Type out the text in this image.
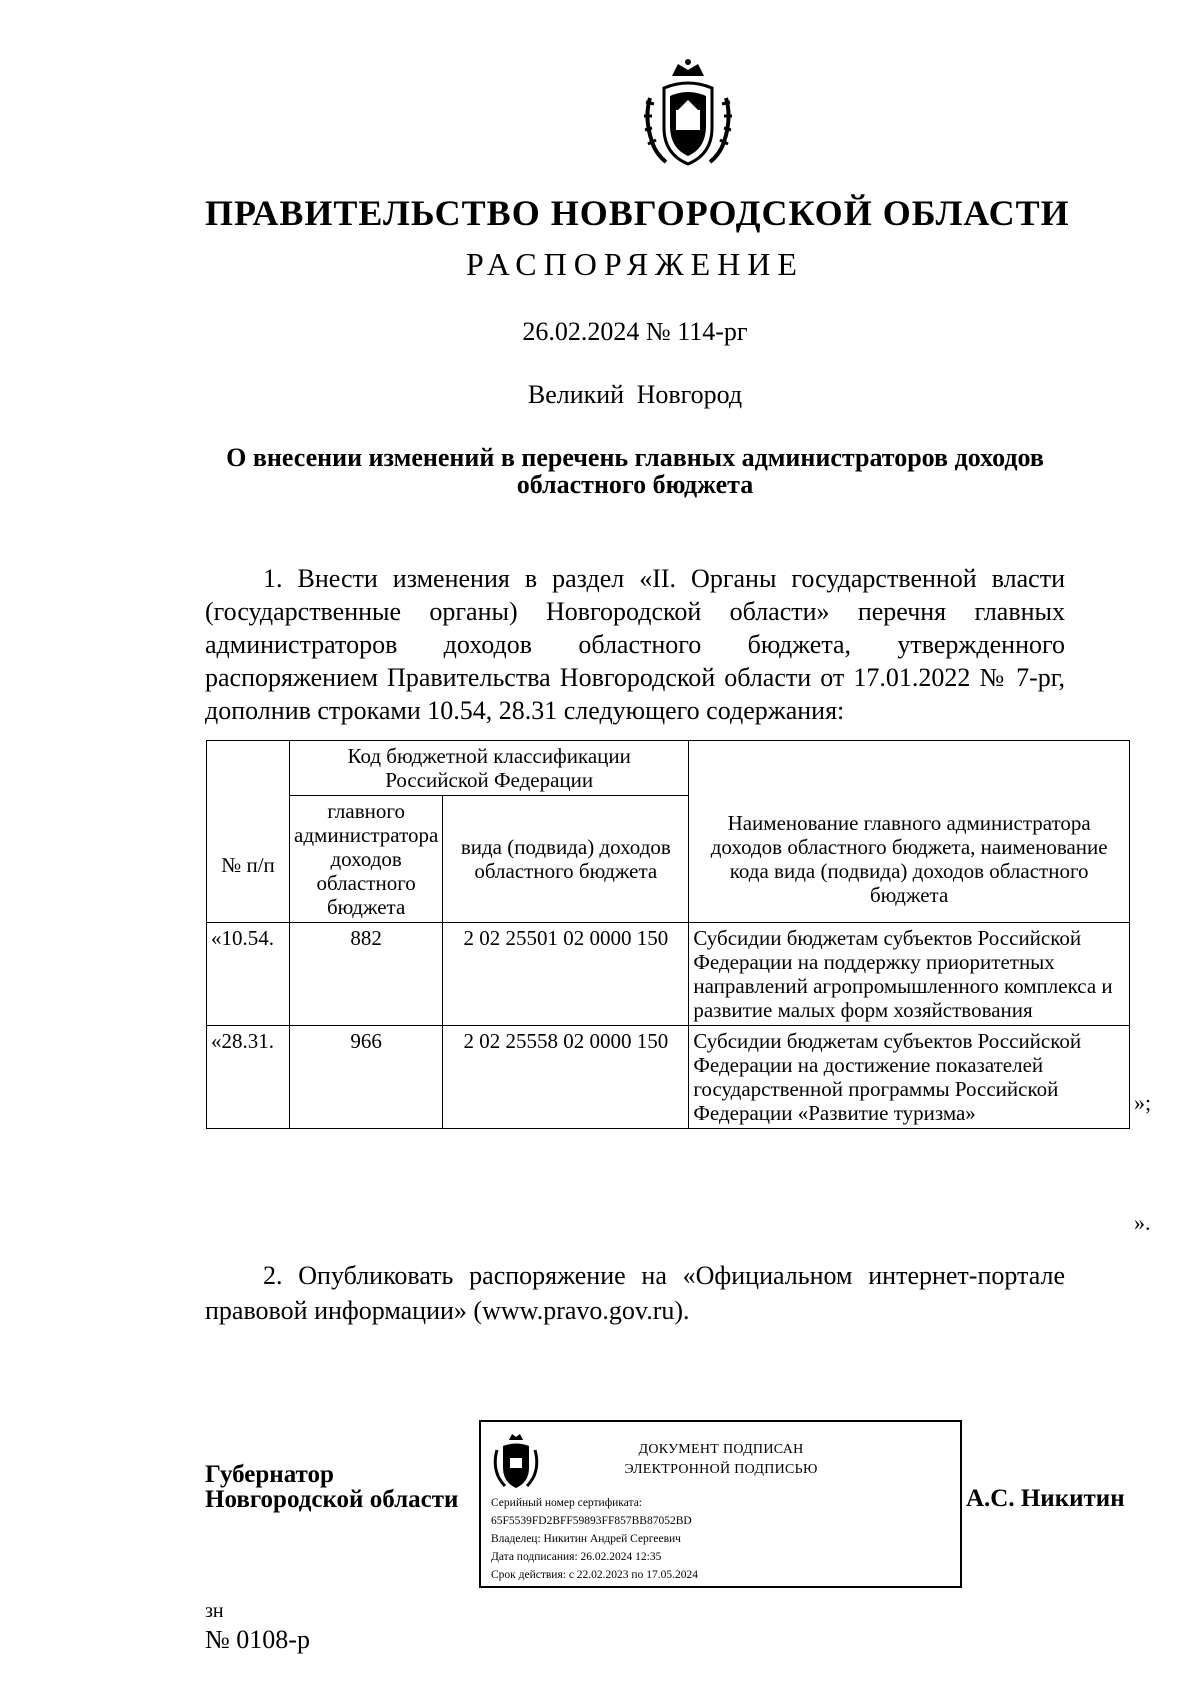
ПРАВИТЕЛЬСТВО НОВГОРОДСКОЙ ОБЛАСТИ
РАСПОРЯЖЕНИЕ
26.02.2024 № 114-рг
Великий Новгород
О внесении изменений в перечень главных администраторов доходов областного бюджета
1. Внести изменения в раздел «II. Органы государственной власти (государственные органы) Новгородской области» перечня главных администраторов доходов областного бюджета, утвержденного распоряжением Правительства Новгородской области от 17.01.2022 № 7-рг, дополнив строками 10.54, 28.31 следующего содержания:
№ п/п	Код бюджетной классификации Российской Федерации		Наименование главного администратора доходов областного бюджета, наименование кода вида (подвида) доходов областного бюджета
	главного администратора доходов областного бюджета	вида (подвида) доходов областного бюджета	
«10.54.	882	2 02 25501 02 0000 150	Субсидии бюджетам субъектов Российской Федерации на поддержку приоритетных направлений агропромышленного комплекса и развитие малых форм хозяйствования
«28.31.	966	2 02 25558 02 0000 150	Субсидии бюджетам субъектов Российской Федерации на достижение показателей государственной программы Российской Федерации «Развитие туризма»	»;
».
2. Опубликовать распоряжение на «Официальном интернет-портале правовой информации» (www.pravo.gov.ru).
Губернатор
Новгородской области
ДОКУМЕНТ ПОДПИСАН
ЭЛЕКТРОННОЙ ПОДПИСЬЮ
Серийный номер сертификата:
65F5539FD2BFF59893FF857BB87052BD
Владелец: Никитин Андрей Сергеевич
Дата подписания: 26.02.2024 12:35
Срок действия: с 22.02.2023 по 17.05.2024
А.С. Никитин
зн
№ 0108-р
